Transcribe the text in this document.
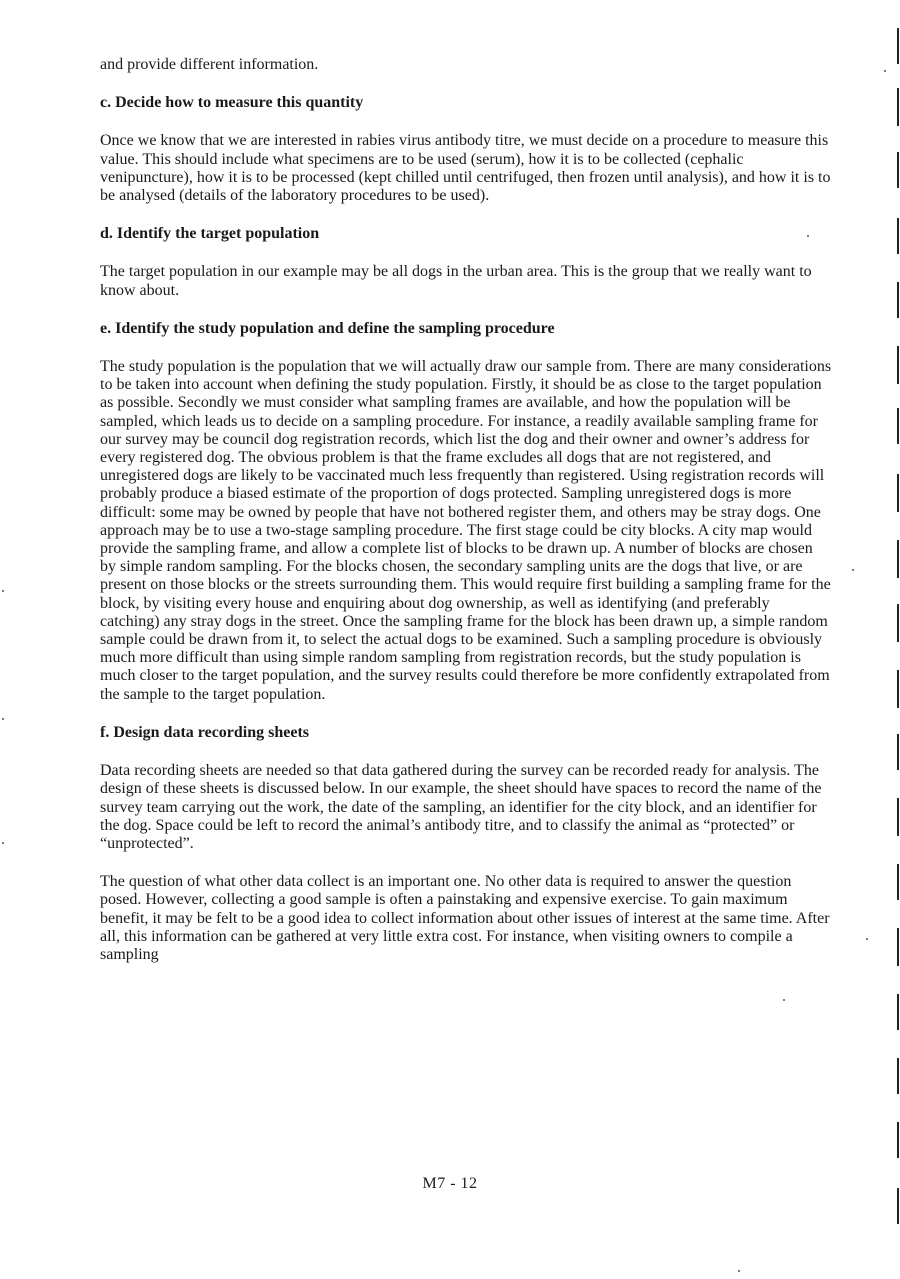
and provide different information.

c. Decide how to measure this quantity

Once we know that we are interested in rabies virus antibody titre, we must decide on a procedure to measure this value. This should include what specimens are to be used (serum), how it is to be collected (cephalic venipuncture), how it is to be processed (kept chilled until centrifuged, then frozen until analysis), and how it is to be analysed (details of the laboratory procedures to be used).

d. Identify the target population

The target population in our example may be all dogs in the urban area. This is the group that we really want to know about.

e. Identify the study population and define the sampling procedure

The study population is the population that we will actually draw our sample from. There are many considerations to be taken into account when defining the study population. Firstly, it should be as close to the target population as possible. Secondly we must consider what sampling frames are available, and how the population will be sampled, which leads us to decide on a sampling procedure. For instance, a readily available sampling frame for our survey may be council dog registration records, which list the dog and their owner and owner’s address for every registered dog. The obvious problem is that the frame excludes all dogs that are not registered, and unregistered dogs are likely to be vaccinated much less frequently than registered. Using registration records will probably produce a biased estimate of the proportion of dogs protected. Sampling unregistered dogs is more difficult: some may be owned by people that have not bothered register them, and others may be stray dogs. One approach may be to use a two-stage sampling procedure. The first stage could be city blocks. A city map would provide the sampling frame, and allow a complete list of blocks to be drawn up. A number of blocks are chosen by simple random sampling. For the blocks chosen, the secondary sampling units are the dogs that live, or are present on those blocks or the streets surrounding them. This would require first building a sampling frame for the block, by visiting every house and enquiring about dog ownership, as well as identifying (and preferably catching) any stray dogs in the street. Once the sampling frame for the block has been drawn up, a simple random sample could be drawn from it, to select the actual dogs to be examined. Such a sampling procedure is obviously much more difficult than using simple random sampling from registration records, but the study population is much closer to the target population, and the survey results could therefore be more confidently extrapolated from the sample to the target population.

f. Design data recording sheets

Data recording sheets are needed so that data gathered during the survey can be recorded ready for analysis. The design of these sheets is discussed below. In our example, the sheet should have spaces to record the name of the survey team carrying out the work, the date of the sampling, an identifier for the city block, and an identifier for the dog. Space could be left to record the animal’s antibody titre, and to classify the animal as “protected” or “unprotected”.

The question of what other data collect is an important one. No other data is required to answer the question posed. However, collecting a good sample is often a painstaking and expensive exercise. To gain maximum benefit, it may be felt to be a good idea to collect information about other issues of interest at the same time. After all, this information can be gathered at very little extra cost. For instance, when visiting owners to compile a sampling

M7 - 12
